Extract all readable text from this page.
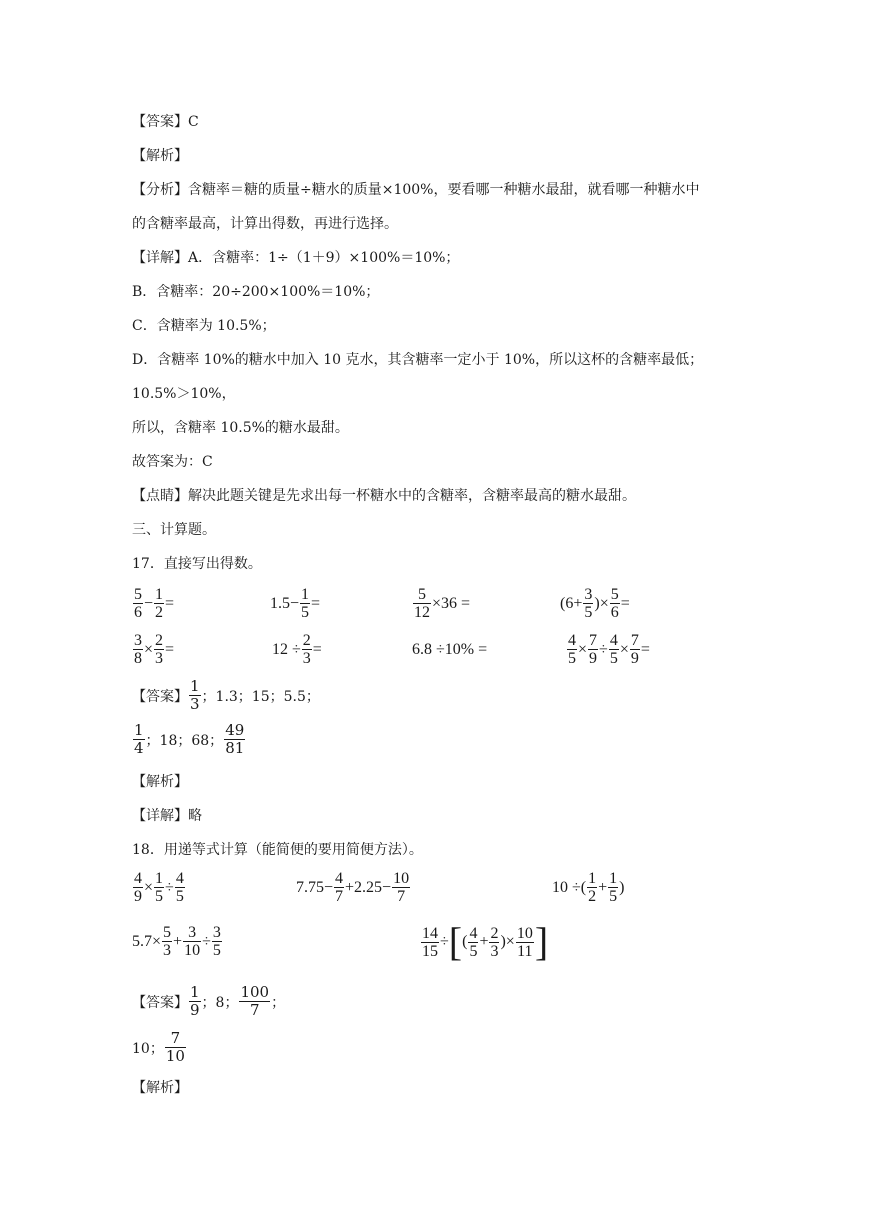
【答案】C
【解析】
【分析】含糖率＝糖的质量÷糖水的质量×100%，要看哪一种糖水最甜，就看哪一种糖水中
的含糖率最高，计算出得数，再进行选择。
【详解】A．含糖率：1÷（1＋9）×100%＝10%；
B．含糖率：20÷200×100%＝10%；
C．含糖率为 10.5%；
D．含糖率 10%的糖水中加入 10 克水，其含糖率一定小于 10%，所以这杯的含糖率最低；
10.5%＞10%，
所以，含糖率 10.5%的糖水最甜。
故答案为：C
【点睛】解决此题关键是先求出每一杯糖水中的含糖率，含糖率最高的糖水最甜。
三、计算题。
17．直接写出得数。
$\frac{5}{6} - \frac{1}{2}$ =	$1.5- \frac{1}{5}$ =	$\frac{5}{12} \times 36$ =	($6+ \frac{3}{5}$ )× $\frac{5}{6}$ =
$\frac{3}{8} \times \frac{2}{3}$ =	$12 \div \frac{2}{3}$ =	6.8 ÷10% =	$\frac{4}{5} \times \frac{7}{9} \div \frac{4}{5} \times \frac{7}{9}$ =
【答案】 $\frac{1}{3}$ ；1.3；15；5.5；
$\frac{1}{4}$ ；18；68； $\frac{49}{81}$
【解析】
【详解】略
18．用递等式计算（能简便的要用简便方法）。
$\frac{4}{9} \times \frac{1}{5} \div \frac{4}{5}$	$7.75- \frac{4}{7} +2.25- \frac{10}{7}$	10 ÷( $\frac{1}{2} + \frac{1}{5}$ )
$5.7\times \frac{5}{3} + \frac{3}{10} \div \frac{3}{5}$	$\frac{14}{15}$ ÷[( $\frac{4}{5} + \frac{2}{3}$ )× $\frac{10}{11}$ ]
【答案】 $\frac{1}{9}$ ；8； $\frac{100}{7}$ ；
10； $\frac{7}{10}$
【解析】
